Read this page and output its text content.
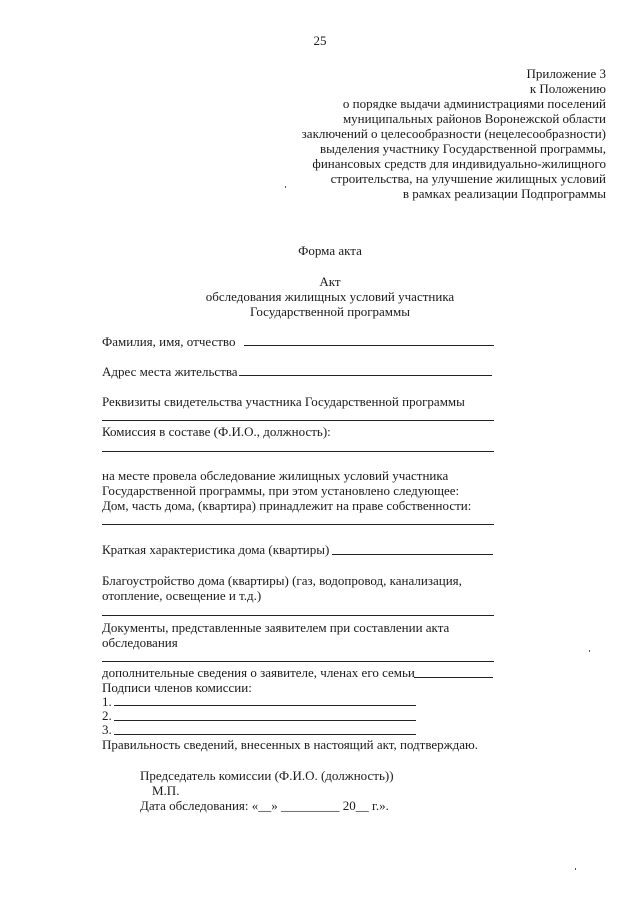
25
Приложение 3
к Положению
о порядке выдачи администрациями поселений
муниципальных районов Воронежской области
заключений о целесообразности (нецелесообразности)
выделения участнику Государственной программы,
финансовых средств для индивидуально-жилищного
строительства, на улучшение жилищных условий
в рамках реализации Подпрограммы
Форма акта
Акт
обследования жилищных условий участника
Государственной программы
Фамилия, имя, отчество
Адрес места жительства
Реквизиты свидетельства участника Государственной программы
Комиссия в составе (Ф.И.О., должность):
на месте провела обследование жилищных условий участника
Государственной программы, при этом установлено следующее:
Дом, часть дома, (квартира) принадлежит на праве собственности:
Краткая характеристика дома (квартиры)
Благоустройство дома (квартиры) (газ, водопровод, канализация,
отопление, освещение и т.д.)
Документы, представленные заявителем при составлении акта
обследования
дополнительные сведения о заявителе, членах его семьи
Подписи членов комиссии:
1.
2.
3.
Правильность сведений, внесенных в настоящий акт, подтверждаю.
Председатель комиссии (Ф.И.О. (должность))
М.П.
Дата обследования: «__» _________ 20__ г.».
